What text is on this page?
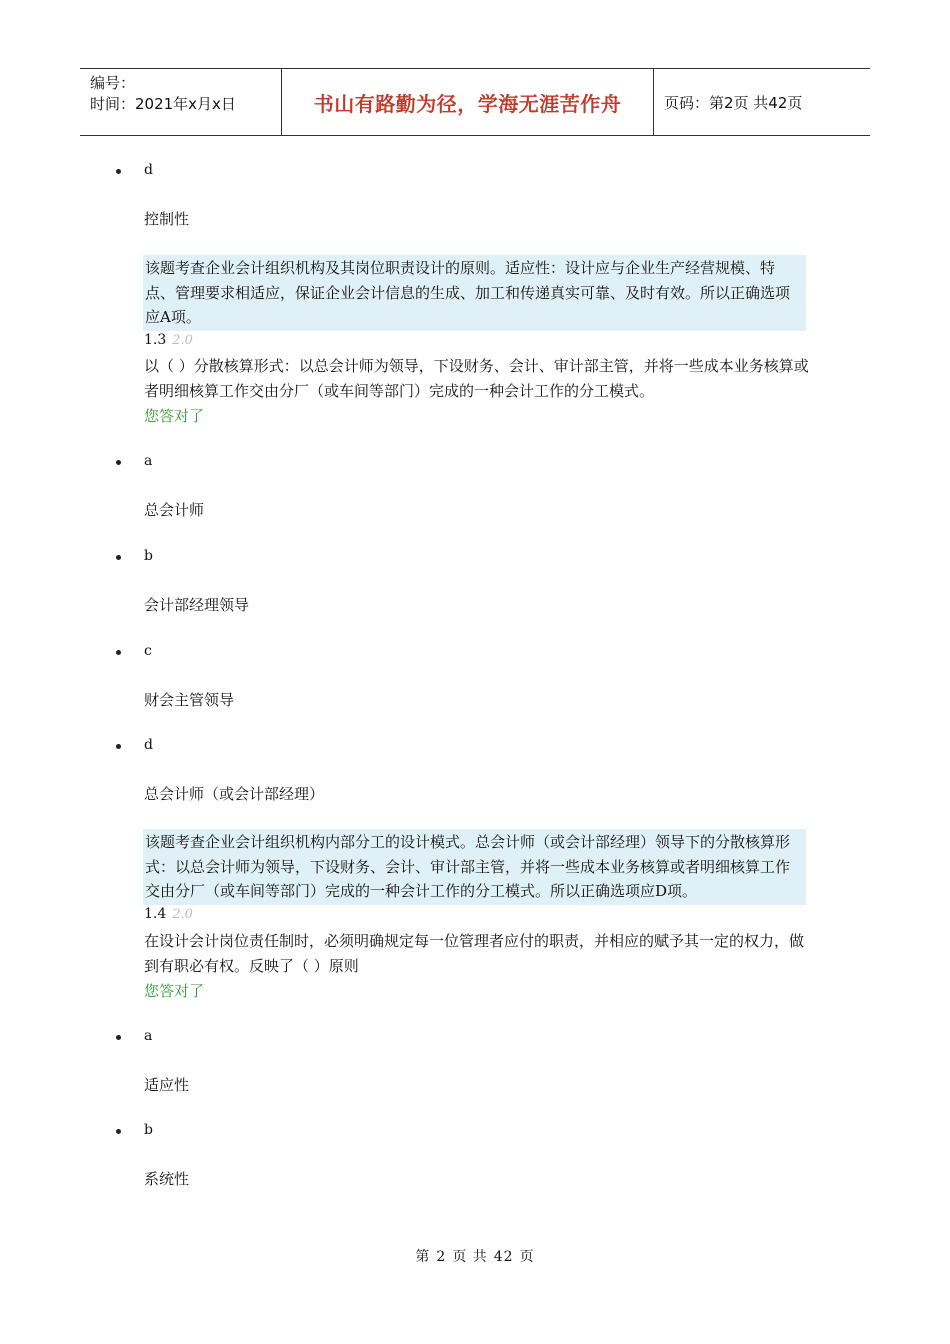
编号：
时间：2021年x月x日	书山有路勤为径，学海无涯苦作舟	页码：第2页 共42页
d
控制性
该题考查企业会计组织机构及其岗位职责设计的原则。适应性：设计应与企业生产经营规模、特点、管理要求相适应，保证企业会计信息的生成、加工和传递真实可靠、及时有效。所以正确选项应A项。
1.3 2.0
以（ ）分散核算形式：以总会计师为领导，下设财务、会计、审计部主管，并将一些成本业务核算或者明细核算工作交由分厂（或车间等部门）完成的一种会计工作的分工模式。
您答对了
a
总会计师
b
会计部经理领导
c
财会主管领导
d
总会计师（或会计部经理）
该题考查企业会计组织机构内部分工的设计模式。总会计师（或会计部经理）领导下的分散核算形式：以总会计师为领导，下设财务、会计、审计部主管，并将一些成本业务核算或者明细核算工作交由分厂（或车间等部门）完成的一种会计工作的分工模式。所以正确选项应D项。
1.4 2.0
在设计会计岗位责任制时，必须明确规定每一位管理者应付的职责，并相应的赋予其一定的权力，做到有职必有权。反映了（ ）原则
您答对了
a
适应性
b
系统性
第 2 页 共 42 页
